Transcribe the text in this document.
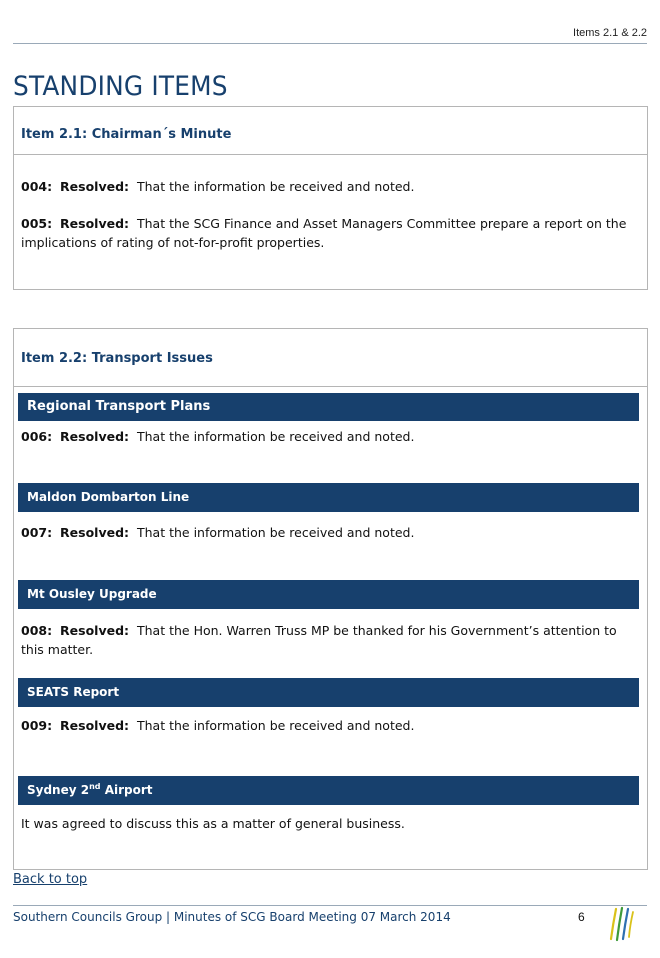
Items 2.1 & 2.2
STANDING ITEMS
Item 2.1: Chairman´s Minute
004: Resolved: That the information be received and noted.
005: Resolved: That the SCG Finance and Asset Managers Committee prepare a report on the implications of rating of not-for-profit properties.
Item 2.2: Transport Issues
Regional Transport Plans
006: Resolved: That the information be received and noted.
Maldon Dombarton Line
007: Resolved: That the information be received and noted.
Mt Ousley Upgrade
008: Resolved: That the Hon. Warren Truss MP be thanked for his Government’s attention to this matter.
SEATS Report
009: Resolved: That the information be received and noted.
Sydney 2nd Airport
It was agreed to discuss this as a matter of general business.
Back to top
Southern Councils Group | Minutes of SCG Board Meeting 07 March 2014	6
